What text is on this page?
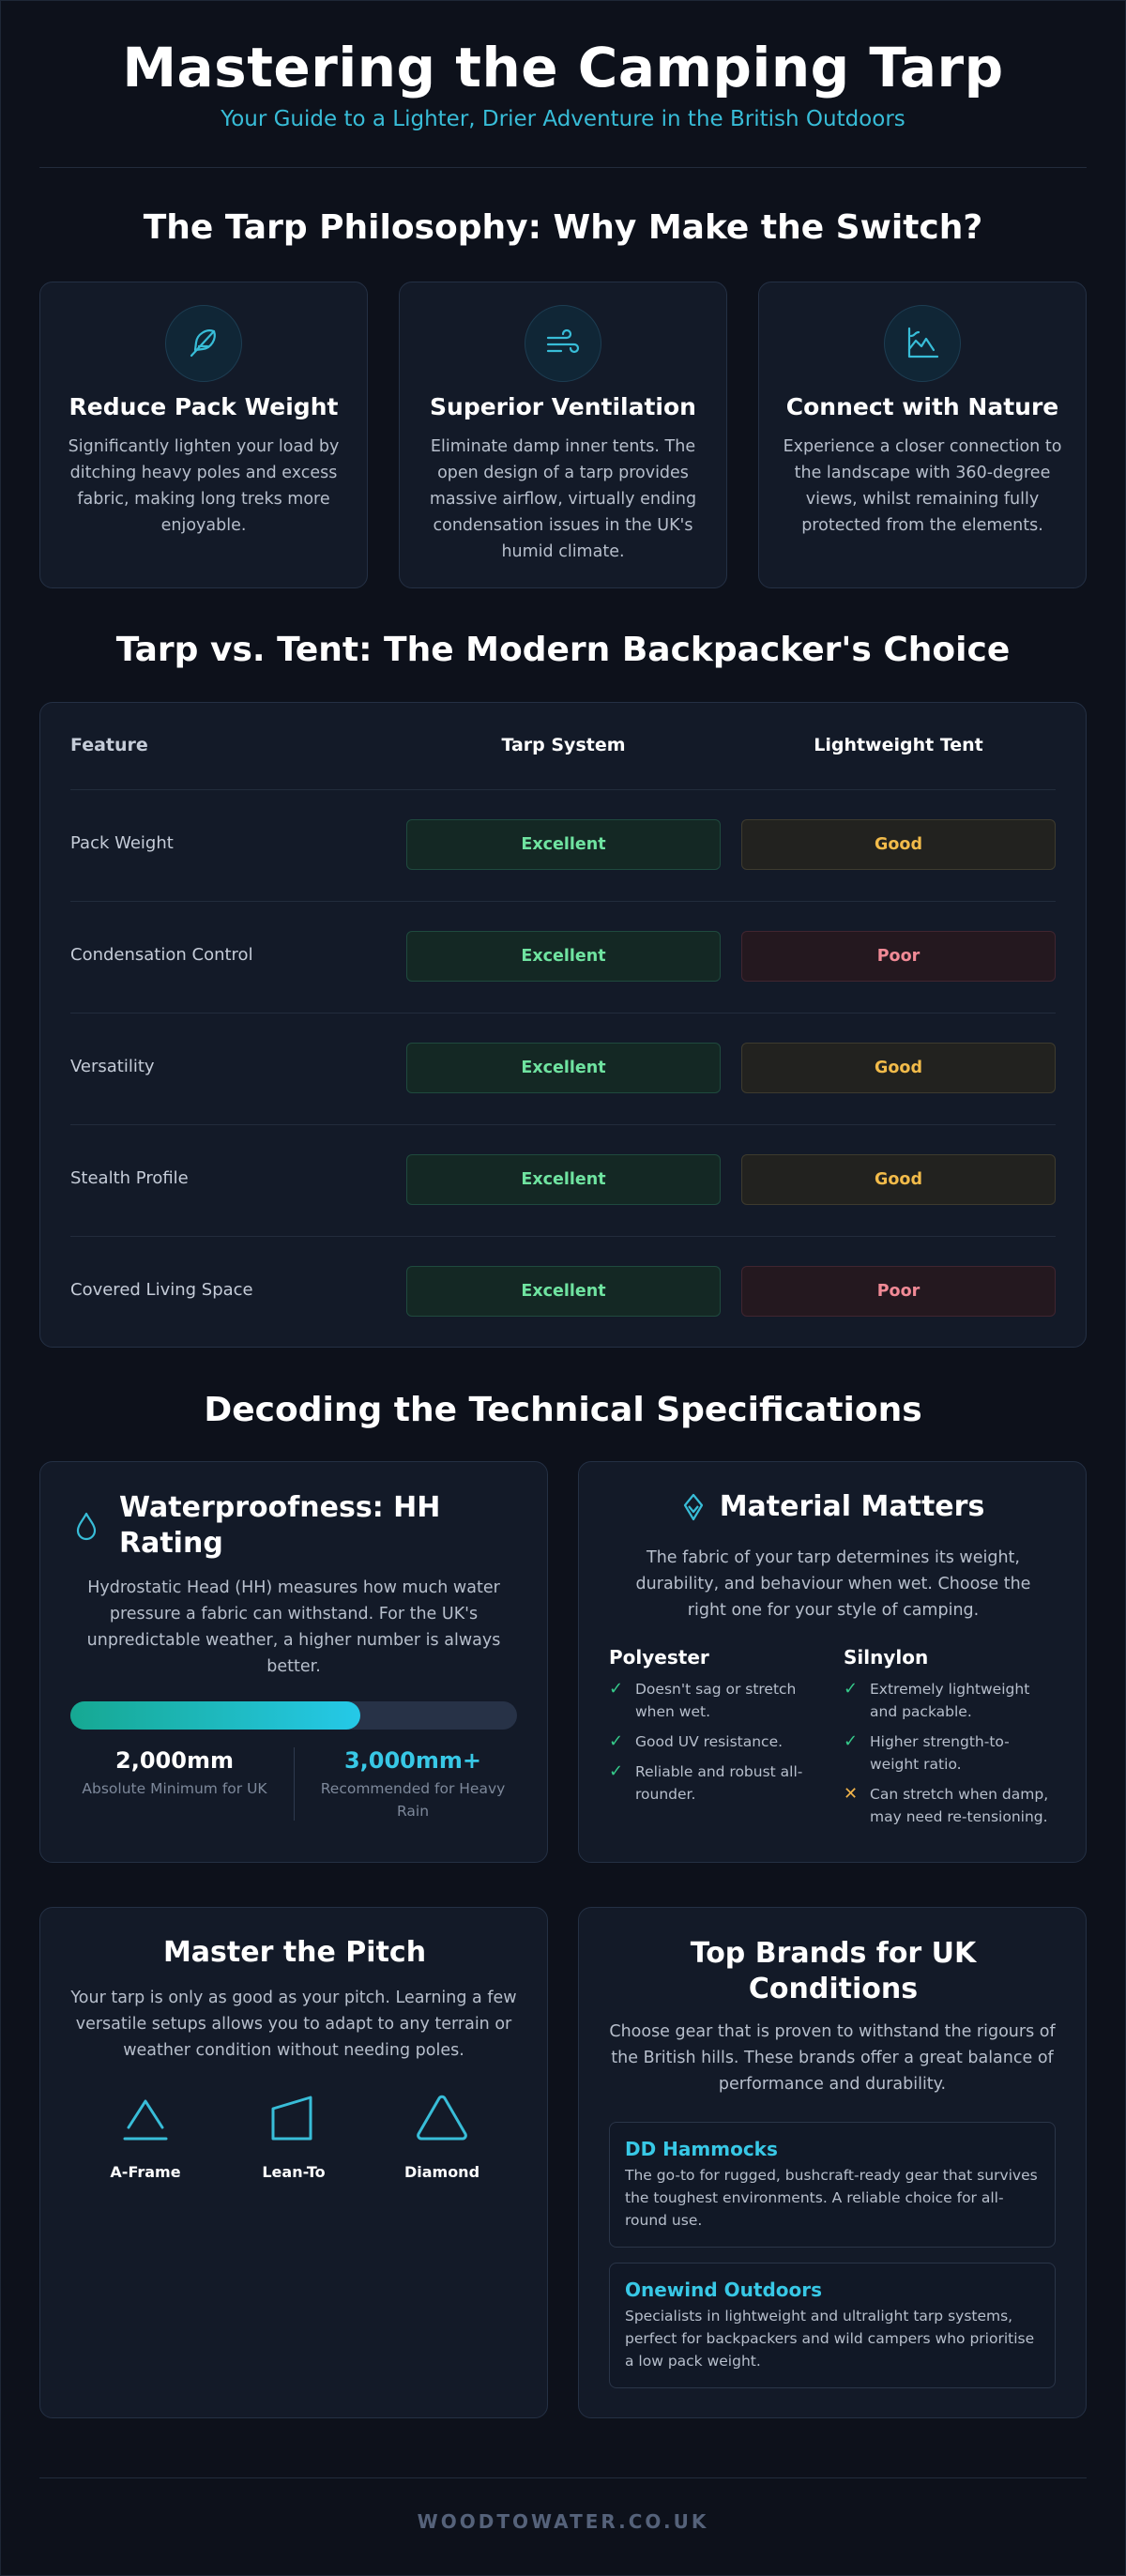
Mastering the Camping Tarp
Your Guide to a Lighter, Drier Adventure in the British Outdoors
The Tarp Philosophy: Why Make the Switch?
Reduce Pack Weight

Significantly lighten your load by ditching heavy poles and excess fabric, making long treks more enjoyable.

Superior Ventilation

Eliminate damp inner tents. The open design of a tarp provides massive airflow, virtually ending condensation issues in the UK's humid climate.

Connect with Nature

Experience a closer connection to the landscape with 360-degree views, whilst remaining fully protected from the elements.

Tarp vs. Tent: The Modern Backpacker's Choice
Feature	Tarp System	Lightweight Tent
Pack Weight	Excellent	Good
Condensation Control	Excellent	Poor
Versatility	Excellent	Good
Stealth Profile	Excellent	Good
Covered Living Space	Excellent	Poor
Decoding the Technical Specifications
Waterproofness: HH Rating

Hydrostatic Head (HH) measures how much water pressure a fabric can withstand. For the UK's unpredictable weather, a higher number is always better.

2,000mm
Absolute Minimum for UK
3,000mm+
Recommended for Heavy Rain
Material Matters

The fabric of your tarp determines its weight, durability, and behaviour when wet. Choose the right one for your style of camping.

Polyester
✓ Doesn't sag or stretch when wet.
✓ Good UV resistance.
✓ Reliable and robust all-rounder.
Silnylon
✓ Extremely lightweight and packable.
✓ Higher strength-to-weight ratio.
✕ Can stretch when damp, may need re-tensioning.
Master the Pitch

Your tarp is only as good as your pitch. Learning a few versatile setups allows you to adapt to any terrain or weather condition without needing poles.

A-Frame	Lean-To	Diamond
Top Brands for UK Conditions

Choose gear that is proven to withstand the rigours of the British hills. These brands offer a great balance of performance and durability.

DD Hammocks

The go-to for rugged, bushcraft-ready gear that survives the toughest environments. A reliable choice for all-round use.

Onewind Outdoors

Specialists in lightweight and ultralight tarp systems, perfect for backpackers and wild campers who prioritise a low pack weight.

WOODTOWATER.CO.UK
